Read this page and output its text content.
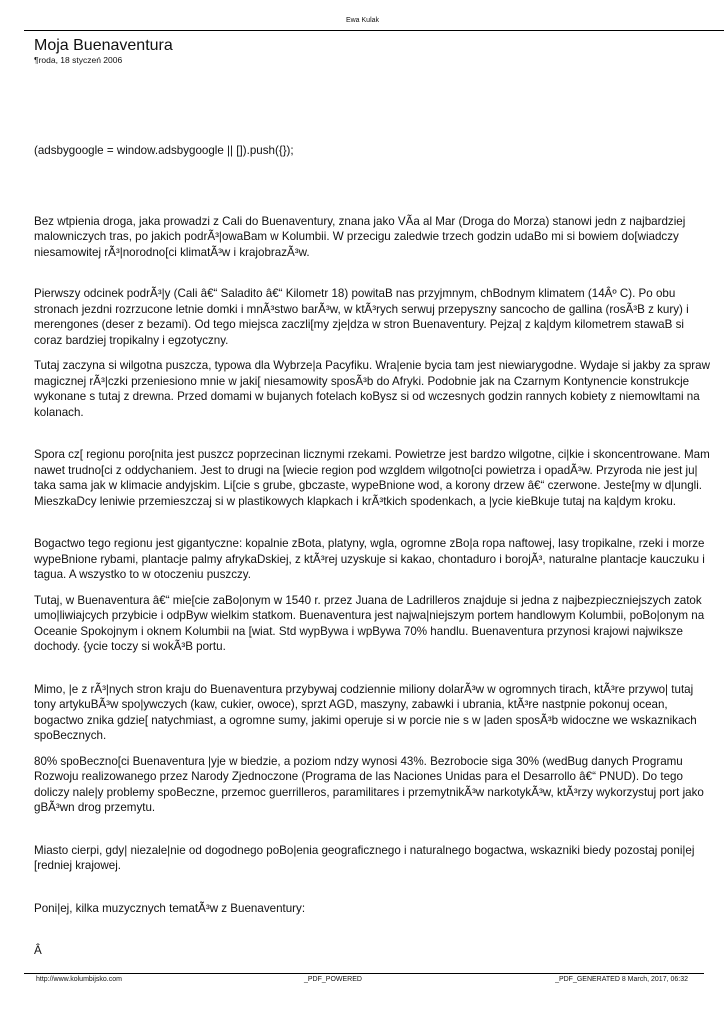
Ewa Kulak
Moja Buenaventura
¶roda, 18 styczeń 2006

(adsbygoogle = window.adsbygoogle || []).push({});

Bez wtpienia droga, jaka prowadzi z Cali do Buenaventury, znana jako VÃa al Mar (Droga do Morza) stanowi jedn z najbardziej malowniczych tras, po jakich podrÃ³|owaBam w Kolumbii. W przecigu zaledwie trzech godzin udaBo mi si bowiem do[wiadczy niesamowitej rÃ³|norodno[ci klimatÃ³w i krajobrazÃ³w.

Pierwszy odcinek podrÃ³|y (Cali â€“ Saladito â€“ Kilometr 18) powitaB nas przyjmnym, chBodnym klimatem (14Âº C). Po obu stronach jezdni rozrzucone letnie domki i mnÃ³stwo barÃ³w, w ktÃ³rych serwuj przepyszny sancocho de gallina (rosÃ³B z kury) i merengones (deser z bezami). Od tego miejsca zaczli[my zje|dza w stron Buenaventury. Pejza| z ka|dym kilometrem stawaB si coraz bardziej tropikalny i egzotyczny.

Tutaj zaczyna si wilgotna puszcza, typowa dla Wybrze|a Pacyfiku. Wra|enie bycia tam jest niewiarygodne. Wydaje si jakby za spraw magicznej rÃ³|czki przeniesiono mnie w jaki[ niesamowity sposÃ³b do Afryki. Podobnie jak na Czarnym Kontynencie konstrukcje wykonane s tutaj z drewna. Przed domami w bujanych fotelach koBysz si od wczesnych godzin rannych kobiety z niemowltami na kolanach.

Spora cz[ regionu poro[nita jest puszcz poprzecinan licznymi rzekami. Powietrze jest bardzo wilgotne, ci|kie i skoncentrowane. Mam nawet trudno[ci z oddychaniem. Jest to drugi na [wiecie region pod wzgldem wilgotno[ci powietrza i opadÃ³w. Przyroda nie jest ju| taka sama jak w klimacie andyjskim. Li[cie s grube, gbczaste, wypeBnione wod, a korony drzew â€“ czerwone. Jeste[my w d|ungli. MieszkaDcy leniwie przemieszczaj si w plastikowych klapkach i krÃ³tkich spodenkach, a |ycie kieBkuje tutaj na ka|dym kroku.

Bogactwo tego regionu jest gigantyczne: kopalnie zBota, platyny, wgla, ogromne zBo|a ropa naftowej, lasy tropikalne, rzeki i morze wypeBnione rybami, plantacje palmy afrykaDskiej, z ktÃ³rej uzyskuje si kakao, chontaduro i borojÃ³, naturalne plantacje kauczuku i tagua. A wszystko to w otoczeniu puszczy.

Tutaj, w Buenaventura â€“ mie[cie zaBo|onym w 1540 r. przez Juana de Ladrilleros znajduje si jedna z najbezpieczniejszych zatok umo|liwiajcych przybicie i odpByw wielkim statkom. Buenaventura jest najwa|niejszym portem handlowym Kolumbii, poBo|onym na Oceanie Spokojnym i oknem Kolumbii na [wiat. Std wypBywa i wpBywa 70% handlu. Buenaventura przynosi krajowi najwiksze dochody. {ycie toczy si wokÃ³B portu.

Mimo, |e z rÃ³|nych stron kraju do Buenaventura przybywaj codziennie miliony dolarÃ³w w ogromnych tirach, ktÃ³re przywo| tutaj tony artykuBÃ³w spo|ywczych (kaw, cukier, owoce), sprzt AGD, maszyny, zabawki i ubrania, ktÃ³re nastpnie pokonuj ocean, bogactwo znika gdzie[ natychmiast, a ogromne sumy, jakimi operuje si w porcie nie s w |aden sposÃ³b widoczne we wskaznikach spoBecznych.

80% spoBeczno[ci Buenaventura |yje w biedzie, a poziom ndzy wynosi 43%. Bezrobocie siga 30% (wedBug danych Programu Rozwoju realizowanego przez Narody Zjednoczone (Programa de las Naciones Unidas para el Desarrollo â€“ PNUD). Do tego doliczy nale|y problemy spoBeczne, przemoc guerrilleros, paramilitares i przemytnikÃ³w narkotykÃ³w, ktÃ³rzy wykorzystuj port jako gBÃ³wn drog przemytu.

Miasto cierpi, gdy| niezale|nie od dogodnego poBo|enia geograficznego i naturalnego bogactwa, wskazniki biedy pozostaj poni|ej [redniej krajowej.

Poni|ej, kilka muzycznych tematÃ³w z Buenaventury:

Â

http://www.kolumbijsko.com	_PDF_POWERED	_PDF_GENERATED 8 March, 2017, 06:32
